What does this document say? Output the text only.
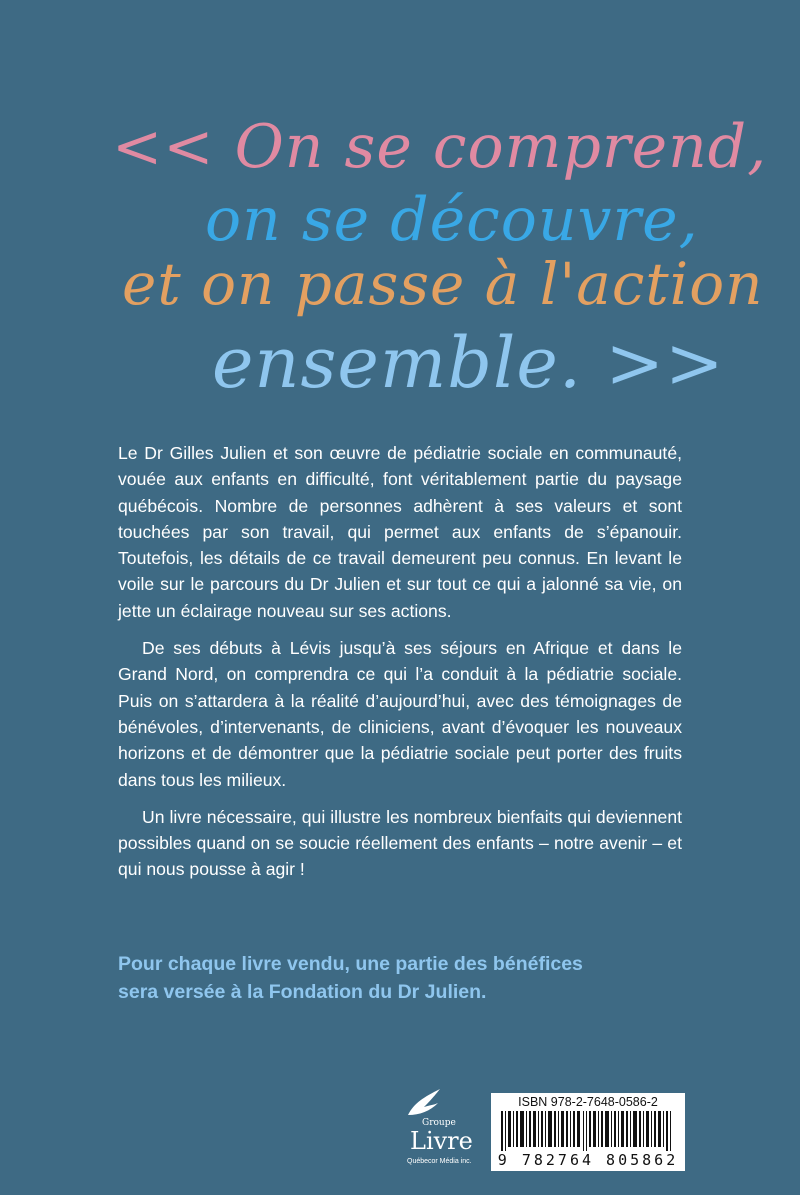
<< On se comprend,
on se découvre,
et on passe à l'action
ensemble. >>

Le Dr Gilles Julien et son œuvre de pédiatrie sociale en communauté, vouée aux enfants en difficulté, font véritablement partie du paysage québécois. Nombre de personnes adhèrent à ses valeurs et sont touchées par son travail, qui permet aux enfants de s’épanouir. Toutefois, les détails de ce travail demeurent peu connus. En levant le voile sur le parcours du Dr Julien et sur tout ce qui a jalonné sa vie, on jette un éclairage nouveau sur ses actions.

De ses débuts à Lévis jusqu’à ses séjours en Afrique et dans le Grand Nord, on comprendra ce qui l’a conduit à la pédiatrie sociale. Puis on s’attardera à la réalité d’aujourd’hui, avec des témoignages de bénévoles, d’intervenants, de cliniciens, avant d’évoquer les nouveaux horizons et de démontrer que la pédiatrie sociale peut porter des fruits dans tous les milieux.

Un livre nécessaire, qui illustre les nombreux bienfaits qui deviennent possibles quand on se soucie réellement des enfants – notre avenir – et qui nous pousse à agir !

Pour chaque livre vendu, une partie des bénéfices
sera versée à la Fondation du Dr Julien.
Groupe
Livre
Québecor Média inc.
ISBN 978-2-7648-0586-2
9 782764 805862
